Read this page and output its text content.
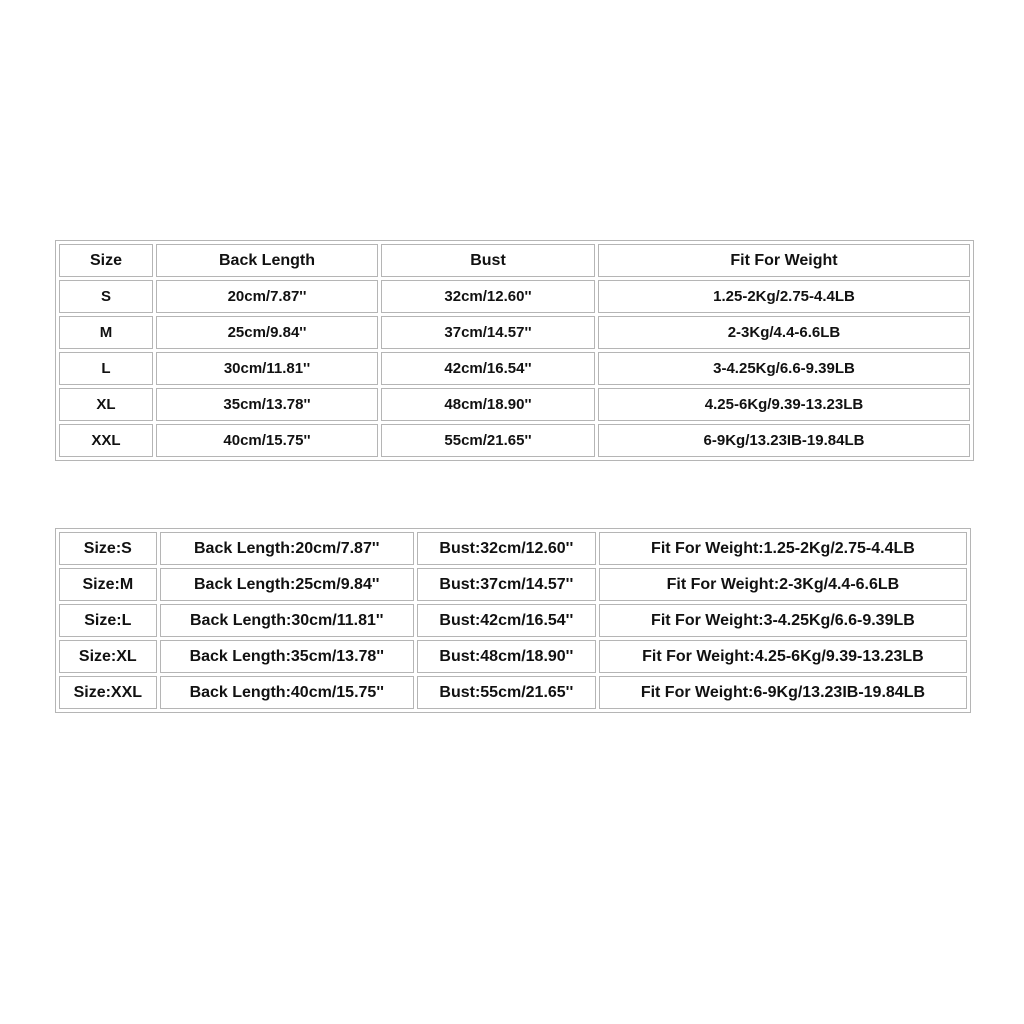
Size	Back Length	Bust	Fit For Weight
S	20cm/7.87''	32cm/12.60''	1.25-2Kg/2.75-4.4LB
M	25cm/9.84''	37cm/14.57''	2-3Kg/4.4-6.6LB
L	30cm/11.81''	42cm/16.54''	3-4.25Kg/6.6-9.39LB
XL	35cm/13.78''	48cm/18.90''	4.25-6Kg/9.39-13.23LB
XXL	40cm/15.75''	55cm/21.65''	6-9Kg/13.23IB-19.84LB
Size:S	Back Length:20cm/7.87''	Bust:32cm/12.60''	Fit For Weight:1.25-2Kg/2.75-4.4LB
Size:M	Back Length:25cm/9.84''	Bust:37cm/14.57''	Fit For Weight:2-3Kg/4.4-6.6LB
Size:L	Back Length:30cm/11.81''	Bust:42cm/16.54''	Fit For Weight:3-4.25Kg/6.6-9.39LB
Size:XL	Back Length:35cm/13.78''	Bust:48cm/18.90''	Fit For Weight:4.25-6Kg/9.39-13.23LB
Size:XXL	Back Length:40cm/15.75''	Bust:55cm/21.65''	Fit For Weight:6-9Kg/13.23IB-19.84LB
